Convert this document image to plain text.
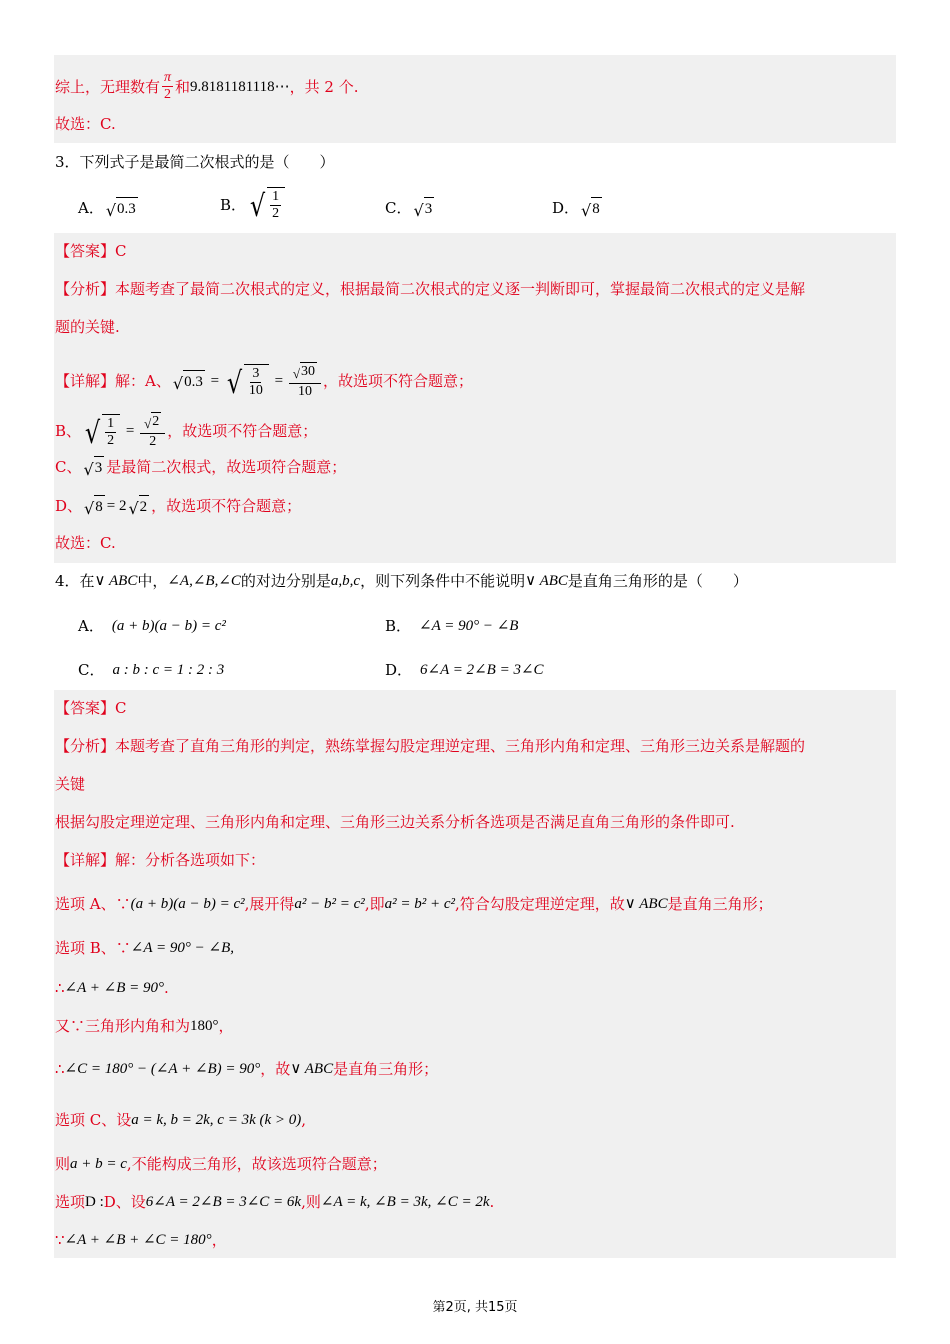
综上，无理数有 $\frac{\pi}{2}$ 和 9.8181181118⋯ ，共 2 个.
故选：C.
3．下列式子是最简二次根式的是（　　）
A． √ 0.3	B． √ $\frac{1}{2}$	C． √ 3	D． √ 8
【答案】C
【分析】 本题考查了最简二次根式的定义，根据最简二次根式的定义逐一判断即可，掌握最简二次根式的定义是解
题的关键.
【详解】 解：A、 √ 0.3 = √ $\frac{3}{10} = \frac{√ 30}{10}$ ，故选项不符合题意；
B、 √ $\frac{1}{2} = \frac{√ 2}{2}$ ，故选项不符合题意；
C、 √ 3 是最简二次根式，故选项符合题意；
D、 √ 8 = 2 √ 2 ，故选项不符合题意；
故选：C.
4．在 ∨ ABC 中， ∠A,∠B,∠C 的对边分别是 a,b,c ，则下列条件中不能说明 ∨ ABC 是直角三角形的是（　　）
A． (a + b)(a − b) = c²	B． ∠A = 90° − ∠B
C． a : b : c = 1 : 2 : 3	D． 6∠A = 2∠B = 3∠C
【答案】C
【分析】 本题考查了直角三角形的判定，熟练掌握勾股定理逆定理、三角形内角和定理、三角形三边关系是解题的
关键
根据勾股定理逆定理、三角形内角和定理、三角形三边关系分析各选项是否满足直角三角形的条件即可.
【详解】 解：分析各选项如下：
选项 A、∵ (a + b)(a − b) = c² ,展开得 a² − b² = c² ,即 a² = b² + c² ,符合勾股定理逆定理，故 ∨ ABC 是直角三角形；
选项 B、∵ ∠A = 90° − ∠B,
∴ ∠A + ∠B = 90° .
又∵三角形内角和为 180° ，
∴ ∠C = 180° − (∠A + ∠B) = 90° ，故 ∨ ABC 是直角三角形；
选项 C、设 a = k, b = 2k, c = 3k (k > 0) ,
则 a + b = c ,不能构成三角形，故该选项符合题意；
选项 D : D、设 6∠A = 2∠B = 3∠C = 6k ,则 ∠A = k, ∠B = 3k, ∠C = 2k .
∵ ∠A + ∠B + ∠C = 180° ，
第2页, 共15页
